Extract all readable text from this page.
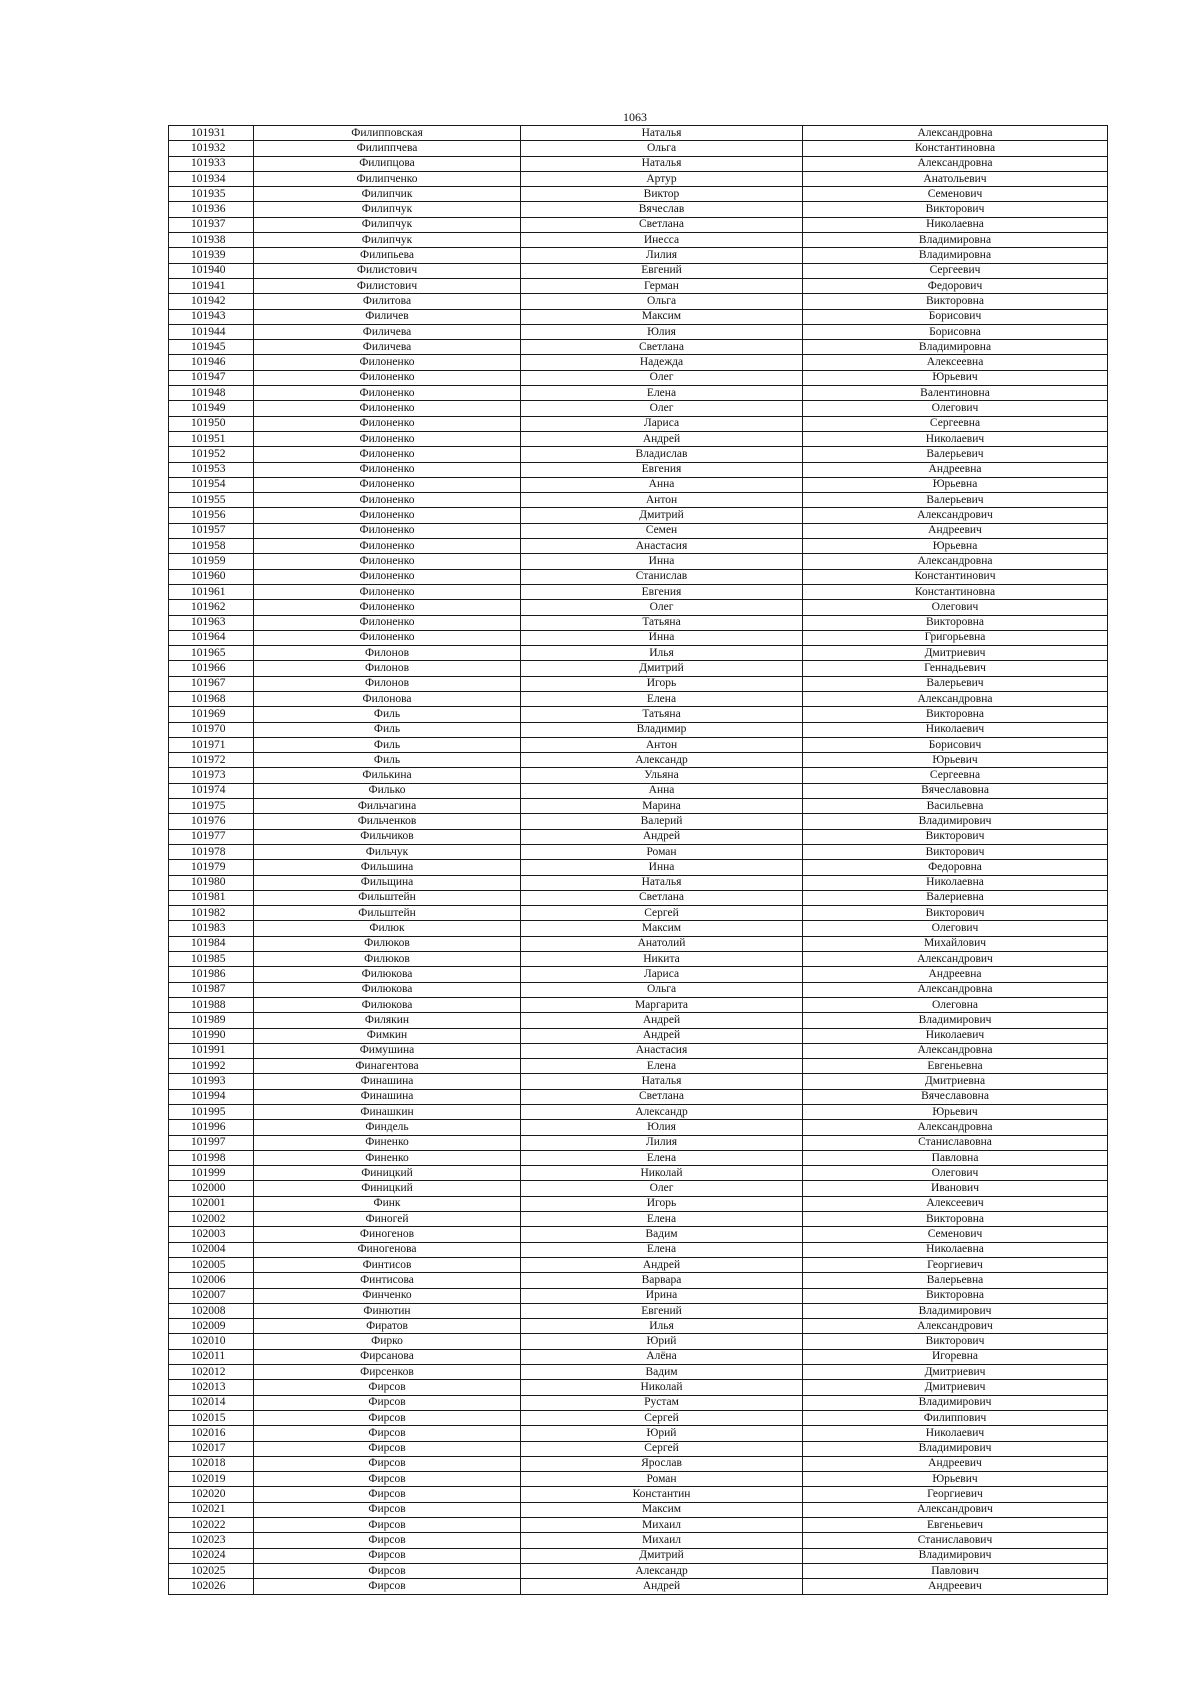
1063
101931	Филипповская	Наталья	Александровна
101932	Филиппчева	Ольга	Константиновна
101933	Филипцова	Наталья	Александровна
101934	Филипченко	Артур	Анатольевич
101935	Филипчик	Виктор	Семенович
101936	Филипчук	Вячеслав	Викторович
101937	Филипчук	Светлана	Николаевна
101938	Филипчук	Инесса	Владимировна
101939	Филипьева	Лилия	Владимировна
101940	Филистович	Евгений	Сергеевич
101941	Филистович	Герман	Федорович
101942	Филитова	Ольга	Викторовна
101943	Филичев	Максим	Борисович
101944	Филичева	Юлия	Борисовна
101945	Филичева	Светлана	Владимировна
101946	Филоненко	Надежда	Алексеевна
101947	Филоненко	Олег	Юрьевич
101948	Филоненко	Елена	Валентиновна
101949	Филоненко	Олег	Олегович
101950	Филоненко	Лариса	Сергеевна
101951	Филоненко	Андрей	Николаевич
101952	Филоненко	Владислав	Валерьевич
101953	Филоненко	Евгения	Андреевна
101954	Филоненко	Анна	Юрьевна
101955	Филоненко	Антон	Валерьевич
101956	Филоненко	Дмитрий	Александрович
101957	Филоненко	Семен	Андреевич
101958	Филоненко	Анастасия	Юрьевна
101959	Филоненко	Инна	Александровна
101960	Филоненко	Станислав	Константинович
101961	Филоненко	Евгения	Константиновна
101962	Филоненко	Олег	Олегович
101963	Филоненко	Татьяна	Викторовна
101964	Филоненко	Инна	Григорьевна
101965	Филонов	Илья	Дмитриевич
101966	Филонов	Дмитрий	Геннадьевич
101967	Филонов	Игорь	Валерьевич
101968	Филонова	Елена	Александровна
101969	Филь	Татьяна	Викторовна
101970	Филь	Владимир	Николаевич
101971	Филь	Антон	Борисович
101972	Филь	Александр	Юрьевич
101973	Филькина	Ульяна	Сергеевна
101974	Филько	Анна	Вячеславовна
101975	Фильчагина	Марина	Васильевна
101976	Фильченков	Валерий	Владимирович
101977	Фильчиков	Андрей	Викторович
101978	Фильчук	Роман	Викторович
101979	Фильшина	Инна	Федоровна
101980	Фильщина	Наталья	Николаевна
101981	Фильштейн	Светлана	Валериевна
101982	Фильштейн	Сергей	Викторович
101983	Филюк	Максим	Олегович
101984	Филюков	Анатолий	Михайлович
101985	Филюков	Никита	Александрович
101986	Филюкова	Лариса	Андреевна
101987	Филюкова	Ольга	Александровна
101988	Филюкова	Маргарита	Олеговна
101989	Филякин	Андрей	Владимирович
101990	Фимкин	Андрей	Николаевич
101991	Фимушина	Анастасия	Александровна
101992	Финагентова	Елена	Евгеньевна
101993	Финашина	Наталья	Дмитриевна
101994	Финашина	Светлана	Вячеславовна
101995	Финашкин	Александр	Юрьевич
101996	Финдель	Юлия	Александровна
101997	Финенко	Лилия	Станиславовна
101998	Финенко	Елена	Павловна
101999	Финицкий	Николай	Олегович
102000	Финицкий	Олег	Иванович
102001	Финк	Игорь	Алексеевич
102002	Финогей	Елена	Викторовна
102003	Финогенов	Вадим	Семенович
102004	Финогенова	Елена	Николаевна
102005	Финтисов	Андрей	Георгиевич
102006	Финтисова	Варвара	Валерьевна
102007	Финченко	Ирина	Викторовна
102008	Финютин	Евгений	Владимирович
102009	Фиратов	Илья	Александрович
102010	Фирко	Юрий	Викторович
102011	Фирсанова	Алёна	Игоревна
102012	Фирсенков	Вадим	Дмитриевич
102013	Фирсов	Николай	Дмитриевич
102014	Фирсов	Рустам	Владимирович
102015	Фирсов	Сергей	Филиппович
102016	Фирсов	Юрий	Николаевич
102017	Фирсов	Сергей	Владимирович
102018	Фирсов	Ярослав	Андреевич
102019	Фирсов	Роман	Юрьевич
102020	Фирсов	Константин	Георгиевич
102021	Фирсов	Максим	Александрович
102022	Фирсов	Михаил	Евгеньевич
102023	Фирсов	Михаил	Станиславович
102024	Фирсов	Дмитрий	Владимирович
102025	Фирсов	Александр	Павлович
102026	Фирсов	Андрей	Андреевич
